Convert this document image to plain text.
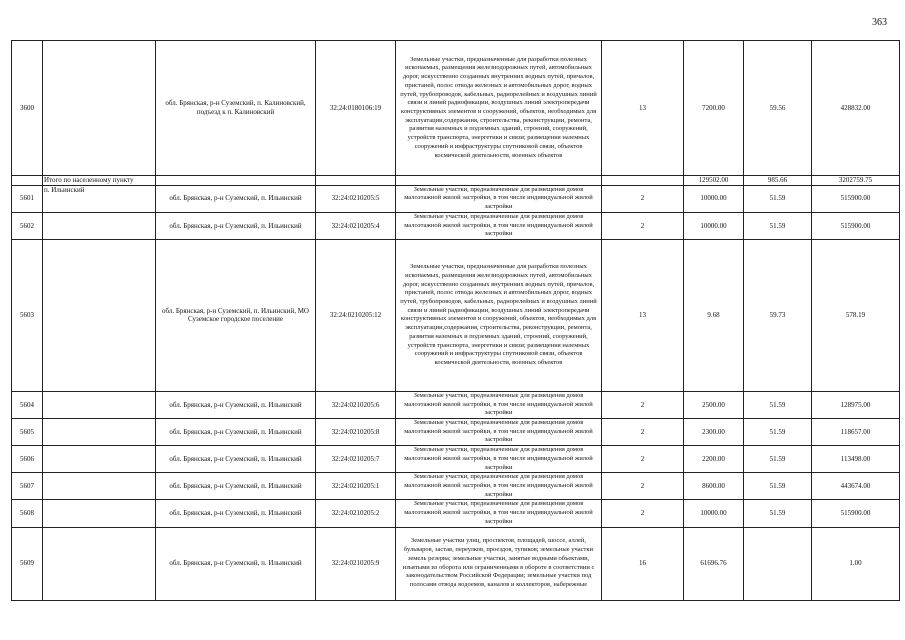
363
3600		обл. Брянская, р-н Суземский, п. Калиновский, подъезд к п. Калиновский	32:24:0180106:19	Земельные участки, предназначенные для разработки полезных ископаемых, размещения железнодорожных путей, автомобильных дорог, искусственно созданных внутренних водных путей, причалов, пристаней, полос отвода железных и автомобильных дорог, водных путей, трубопроводов, кабельных, радиорелейных и воздушных линий связи и линий радиофикации, воздушных линий электропередачи конструктивных элементов и сооружений, объектов, необходимых для эксплуатации,содержания, строительства, реконструкции, ремонта, развития наземных и подземных зданий, строений, сооружений, устройств транспорта, энергетики и связи; размещения наземных сооружений и инфраструктуры спутниковой связи, объектов космической деятельности, военных объектов	13	7200.00	59.56	428832.00
	Итого по населенному пункту					129502.00	985.66	3202759.75
5601	п. Ильинский	обл. Брянская, р-н Суземский, п. Ильинский	32:24:0210205:5	Земельные участки, предназначенные для размещения домов малоэтажной жилой застройки, в том числе индивидуальной жилой застройки	2	10000.00	51.59	515900.00
5602		обл. Брянская, р-н Суземский, п. Ильинский	32:24:0210205:4	Земельные участки, предназначенные для размещения домов малоэтажной жилой застройки, в том числе индивидуальной жилой застройки	2	10000.00	51.59	515900.00
5603		обл. Брянская, р-н Суземский, п. Ильинский, МО Суземское городское поселение	32:24:0210205:12	Земельные участки, предназначенные для разработки полезных ископаемых, размещения железнодорожных путей, автомобильных дорог, искусственно созданных внутренних водных путей, причалов, пристаней, полос отвода железных и автомобильных дорог, водных путей, трубопроводов, кабельных, радиорелейных и воздушных линий связи и линий радиофикации, воздушных линий электропередачи конструктивных элементов и сооружений, объектов, необходимых для эксплуатации,содержания, строительства, реконструкции, ремонта, развития наземных и подземных зданий, строений, сооружений, устройств транспорта, энергетики и связи; размещения наземных сооружений и инфраструктуры спутниковой связи, объектов космической деятельности, военных объектов	13	9.68	59.73	578.19
5604		обл. Брянская, р-н Суземский, п. Ильинский	32:24:0210205:6	Земельные участки, предназначенные для размещения домов малоэтажной жилой застройки, в том числе индивидуальной жилой застройки	2	2500.00	51.59	128975.00
5605		обл. Брянская, р-н Суземский, п. Ильинский	32:24:0210205:8	Земельные участки, предназначенные для размещения домов малоэтажной жилой застройки, в том числе индивидуальной жилой застройки	2	2300.00	51.59	118657.00
5606		обл. Брянская, р-н Суземский, п. Ильинский	32:24:0210205:7	Земельные участки, предназначенные для размещения домов малоэтажной жилой застройки, в том числе индивидуальной жилой застройки	2	2200.00	51.59	113498.00
5607		обл. Брянская, р-н Суземский, п. Ильинский	32:24:0210205:1	Земельные участки, предназначенные для размещения домов малоэтажной жилой застройки, в том числе индивидуальной жилой застройки	2	8600.00	51.59	443674.00
5608		обл. Брянская, р-н Суземский, п. Ильинский	32:24:0210205:2	Земельные участки, предназначенные для размещения домов малоэтажной жилой застройки, в том числе индивидуальной жилой застройки	2	10000.00	51.59	515900.00
5609		обл. Брянская, р-н Суземский, п. Ильинский	32:24:0210205:9	Земельные участки улиц, проспектов, площадей, шоссе, аллей, бульваров, застав, переулков, проездов, тупиков; земельные участки земель резерва; земельные участки, занятые водными объектами, изъятыми из оборота или ограниченными в обороте в соответствии с законодательством Российской Федерации; земельные участки под полосами отвода водоемов, каналов и коллекторов, набережные	16	61696.76		1.00
